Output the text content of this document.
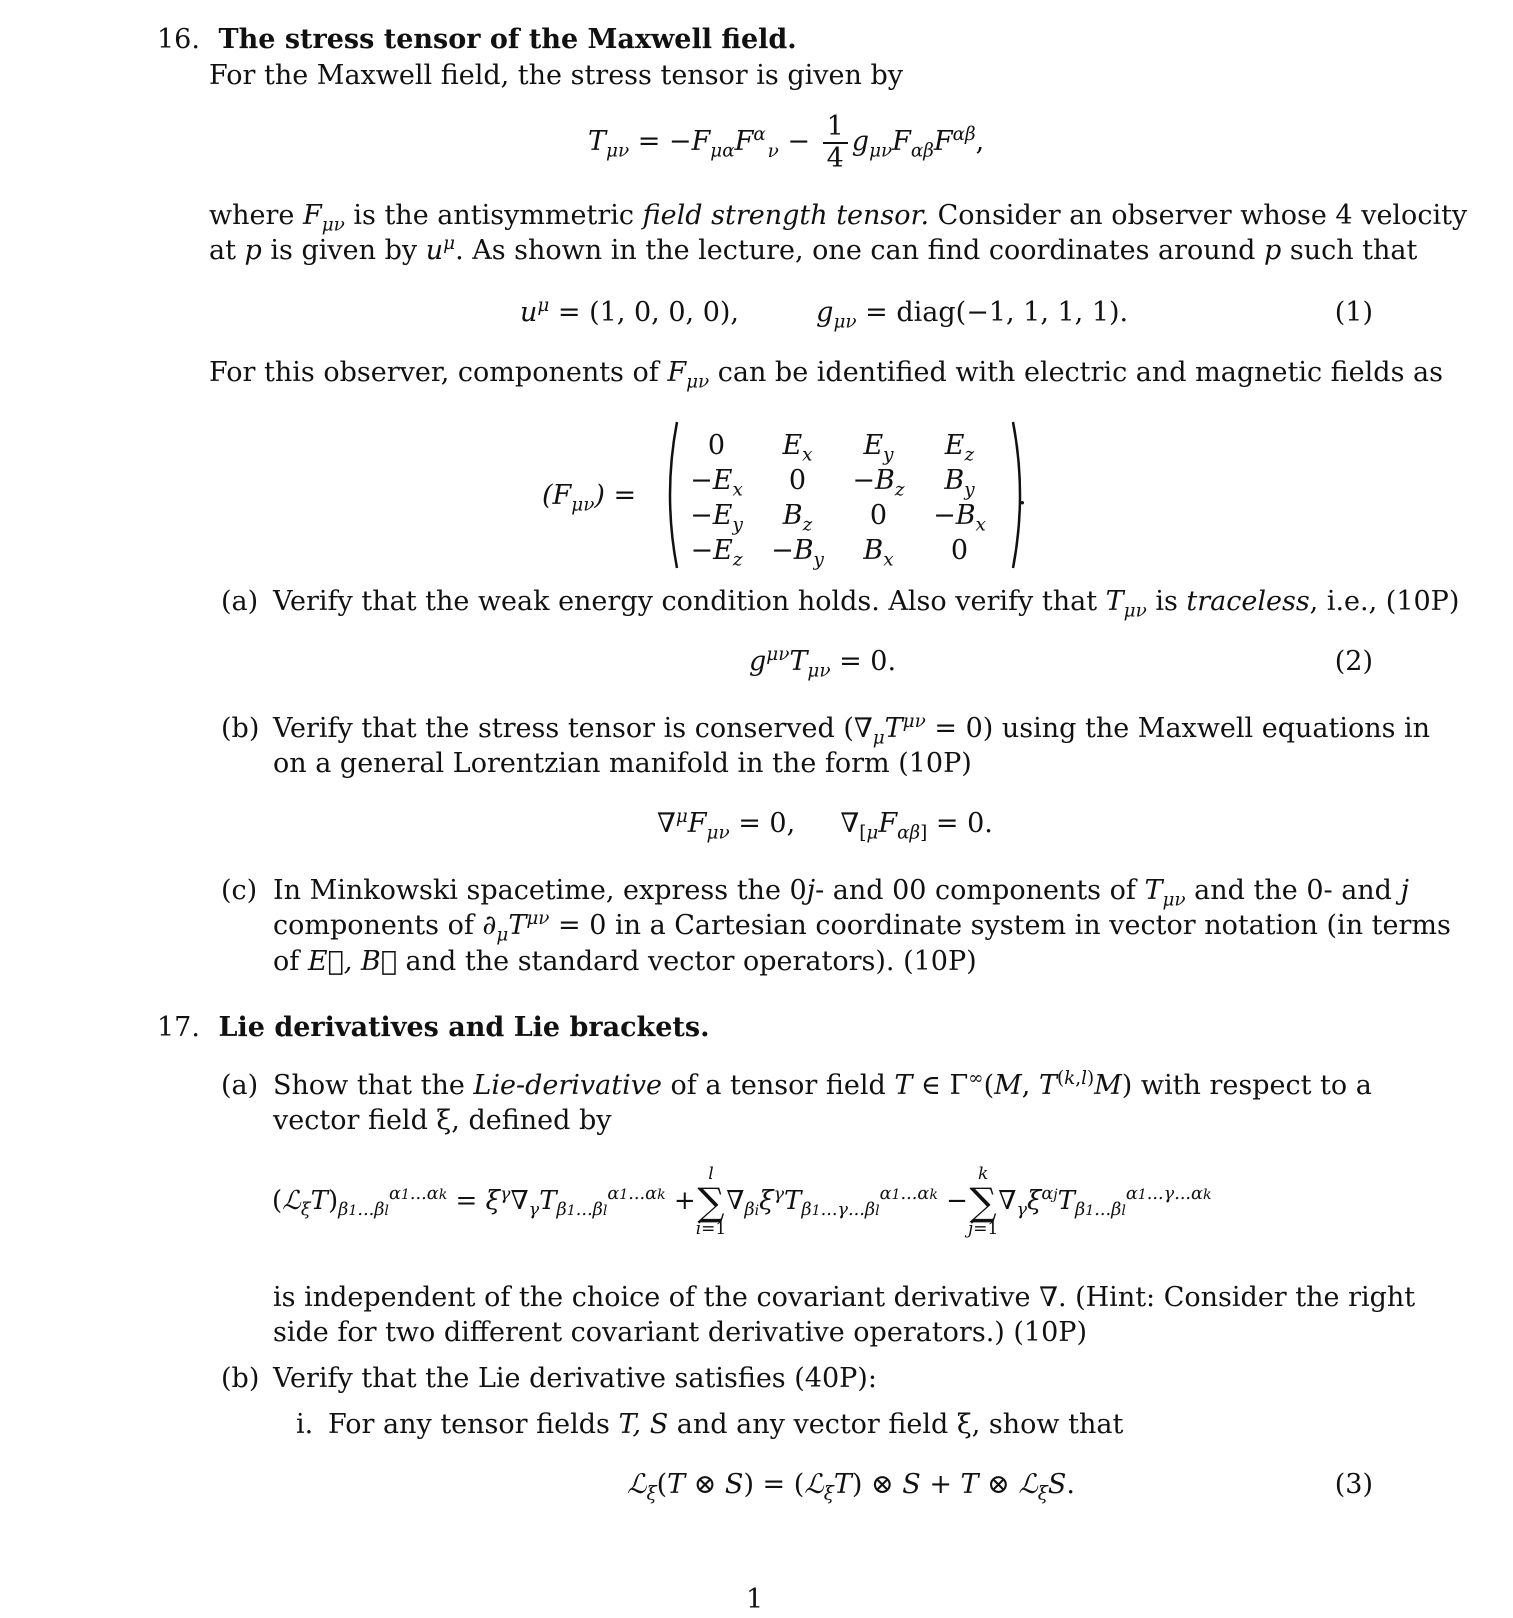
16. The stress tensor of the Maxwell field.
For the Maxwell field, the stress tensor is given by
$T_{\mu\nu} = -F_{\mu\alpha}F^\alpha$ $_\nu - \frac{1}{4} g_{\mu\nu}F_{\alpha\beta}F^{\alpha\beta}$,
where $F_{\mu\nu}$ is the antisymmetric field strength tensor. Consider an observer whose 4 velocity
at p is given by $u^\mu$. As shown in the lecture, one can find coordinates around p such that
$u^\mu = (1$, 0, 0, 0),	$g_{\mu\nu}$ = diag(−1, 1, 1, 1).	(1)
For this observer, components of $F_{\mu\nu}$ can be identified with electric and magnetic fields as
$(F_{\mu\nu})$ =
0	$E_x$	$E_y$	$E_z$
$-E_x$	0	$-B_z$	$B_y$
$-E_y$	$B_z$	0	$-B_x$
$-E_z$	$-B_y$	$B_x$	0
.
(a) Verify that the weak energy condition holds. Also verify that $T_{\mu\nu}$ is traceless, i.e., (10P)
$g^{\mu\nu}T_{\mu\nu} = 0$.	(2)
(b) Verify that the stress tensor is conserved $(\nabla_\mu T^{\mu\nu} = 0)$ using the Maxwell equations in
on a general Lorentzian manifold in the form (10P)
$\nabla^\mu F_{\mu\nu} = 0$, $\nabla_{[\mu}F_{\alpha\beta]} = 0$.
(c) In Minkowski spacetime, express the 0j- and 00 components of $T_{\mu\nu}$ and the 0- and j
components of $\partial_\mu T^{\mu\nu} = 0$ in a Cartesian coordinate system in vector notation (in terms
of E⃗, B⃗ and the standard vector operators). (10P)
17. Lie derivatives and Lie brackets.
(a) Show that the Lie-derivative of a tensor field T ∈ Γ∞(M, T$^{(k,l)}$M) with respect to a
vector field ξ, defined by
$(ℒ_\xi T)_{\beta 1...\beta l}^{\alpha 1...\alpha k} = \xi^\gamma\nabla_\gamma T_{\beta 1...\beta l}^{\alpha 1...\alpha k}$ +
l
∑
i=1
$\nabla_{\beta i}\xi^\gamma T_{\beta 1...\gamma...\beta l}^{\alpha 1...\alpha k}$ −
k
∑
j=1
$\nabla_\gamma\xi^{\alpha j}T_{\beta 1...\beta l}^{\alpha 1...\gamma...\alpha k}$
is independent of the choice of the covariant derivative ∇. (Hint: Consider the right
side for two different covariant derivative operators.) (10P)
(b) Verify that the Lie derivative satisfies (40P):
i. For any tensor fields T, S and any vector field ξ, show that
ℒ$_\xi$(T ⊗ S) = (ℒ$_\xi$T) ⊗ S + T ⊗ ℒ$_\xi$S.	(3)
1
